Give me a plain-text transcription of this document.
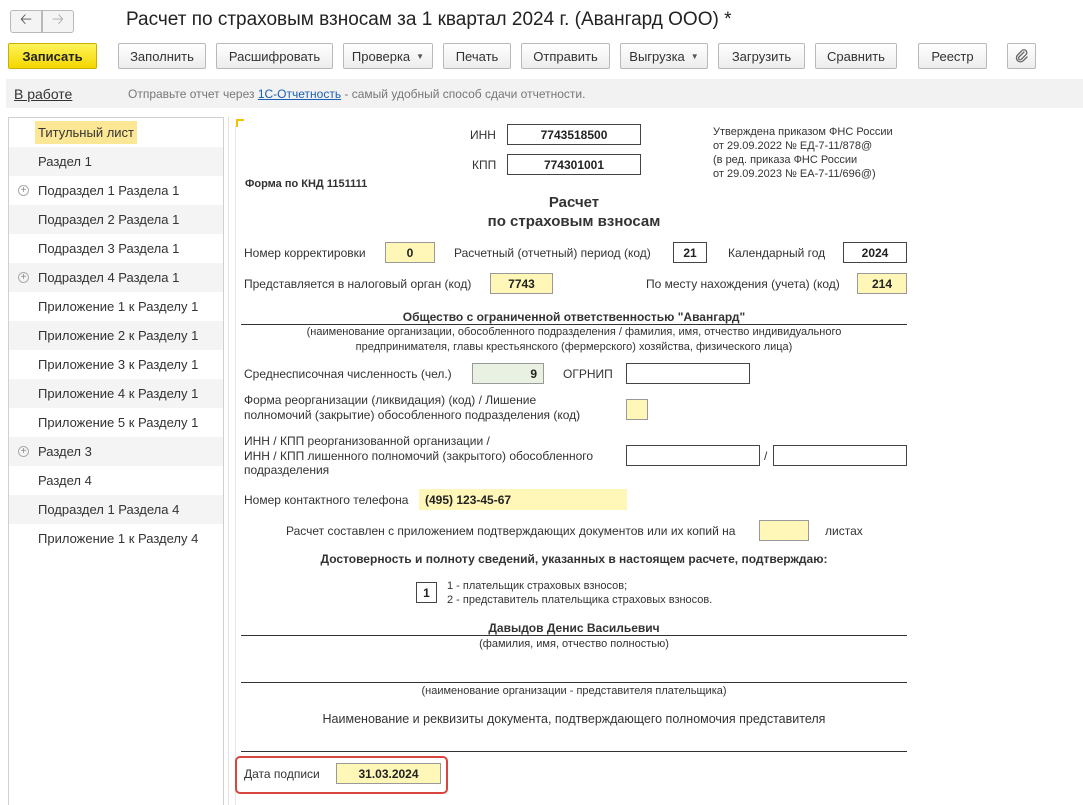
🡠 🡢	Расчет по страховым взносам за 1 квартал 2024 г. (Авангард ООО) *
Записать	Заполнить	Расшифровать	Проверка ▼	Печать	Отправить	Выгрузка ▼	Загрузить	Сравнить	Реестр
В работе	Отправьте отчет через 1С-Отчетность - самый удобный способ сдачи отчетности.
Титульный лист
Раздел 1
+ Подраздел 1 Раздела 1
Подраздел 2 Раздела 1
Подраздел 3 Раздела 1
+ Подраздел 4 Раздела 1
Приложение 1 к Разделу 1
Приложение 2 к Разделу 1
Приложение 3 к Разделу 1
Приложение 4 к Разделу 1
Приложение 5 к Разделу 1
+ Раздел 3
Раздел 4
Подраздел 1 Раздела 4
Приложение 1 к Разделу 4
ИНН	7743518500
КПП	774301001
Утверждена приказом ФНС России
от 29.09.2022 № ЕД-7-11/878@
(в ред. приказа ФНС России
от 29.09.2023 № ЕА-7-11/696@)
Форма по КНД 1151111
Расчет
по страховым взносам
Номер корректировки	0	Расчетный (отчетный) период (код)	21	Календарный год	2024
Представляется в налоговый орган (код)	7743	По месту нахождения (учета) (код)	214
Общество с ограниченной ответственностью "Авангард"
(наименование организации, обособленного подразделения / фамилия, имя, отчество индивидуального
предпринимателя, главы крестьянского (фермерского) хозяйства, физического лица)
Среднесписочная численность (чел.)	9	ОГРНИП
Форма реорганизации (ликвидация) (код) / Лишение
полномочий (закрытие) обособленного подразделения (код)
ИНН / КПП реорганизованной организации /
ИНН / КПП лишенного полномочий (закрытого) обособленного
подразделения
/
Номер контактного телефона	(495) 123-45-67
Расчет составлен с приложением подтверждающих документов или их копий на	листах
Достоверность и полноту сведений, указанных в настоящем расчете, подтверждаю:
1	1 - плательщик страховых взносов;
2 - представитель плательщика страховых взносов.
Давыдов Денис Васильевич
(фамилия, имя, отчество полностью)
(наименование организации - представителя плательщика)
Наименование и реквизиты документа, подтверждающего полномочия представителя
Дата подписи	31.03.2024
